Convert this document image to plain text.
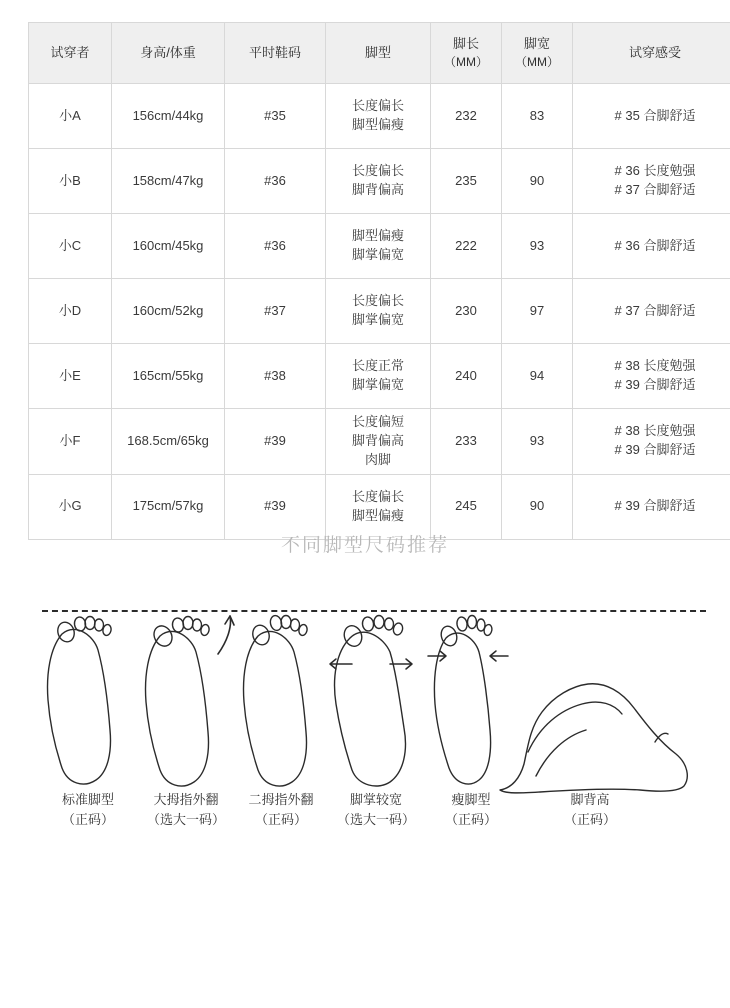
试穿者	身高/体重	平时鞋码	脚型	脚长
（MM）	脚宽
（MM）	试穿感受
小A	156cm/44kg	#35	长度偏长
脚型偏瘦	232	83	# 35 合脚舒适

小B	158cm/47kg	#36	长度偏长
脚背偏高	235	90	# 36 长度勉强
# 37 合脚舒适

小C	160cm/45kg	#36	脚型偏瘦
脚掌偏宽	222	93	# 36 合脚舒适

小D	160cm/52kg	#37	长度偏长
脚掌偏宽	230	97	# 37 合脚舒适

小E	165cm/55kg	#38	长度正常
脚掌偏宽	240	94	# 38 长度勉强
# 39 合脚舒适

小F	168.5cm/65kg	#39	长度偏短
脚背偏高
肉脚	233	93	# 38 长度勉强
# 39 合脚舒适

小G	175cm/57kg	#39	长度偏长
脚型偏瘦	245	90	# 39 合脚舒适
不同脚型尺码推荐
标准脚型
（正码）
大拇指外翻
（选大一码）
二拇指外翻
（正码）
脚掌较宽
（选大一码）
瘦脚型
（正码）
脚背高
（正码）
